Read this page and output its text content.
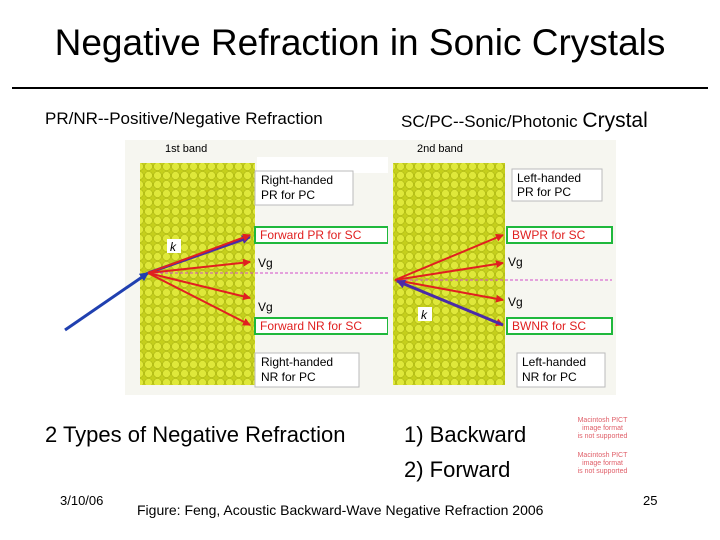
Negative Refraction in Sonic Crystals
PR/NR--Positive/Negative Refraction	SC/PC--Sonic/Photonic Crystal
1st band
Right-handed
PR for PC
Forward PR for SC
Vg
Vg
Forward NR for SC
Right-handed
NR for PC
k
2nd band
Left-handed
PR for PC
BWPR for SC
Vg
Vg
BWNR for SC
Left-handed
NR for PC
k
2 Types of Negative Refraction	1) Backward
2) Forward
Macintosh PICT
image format
is not supported
Macintosh PICT
image format
is not supported
3/10/06
Figure: Feng, Acoustic Backward-Wave Negative Refraction 2006
25
